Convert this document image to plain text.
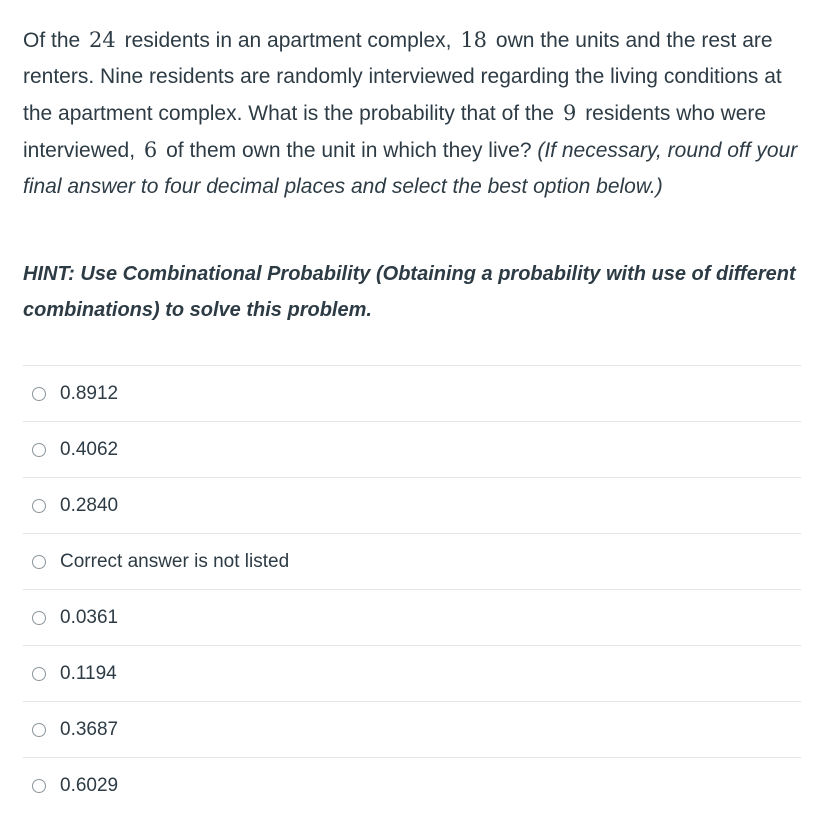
Of the 24 residents in an apartment complex, 18 own the units and the rest are renters. Nine residents are randomly interviewed regarding the living conditions at the apartment complex. What is the probability that of the 9 residents who were interviewed, 6 of them own the unit in which they live? (If necessary, round off your final answer to four decimal places and select the best option below.)
HINT: Use Combinational Probability (Obtaining a probability with use of different combinations) to solve this problem.
0.8912
0.4062
0.2840
Correct answer is not listed
0.0361
0.1194
0.3687
0.6029
